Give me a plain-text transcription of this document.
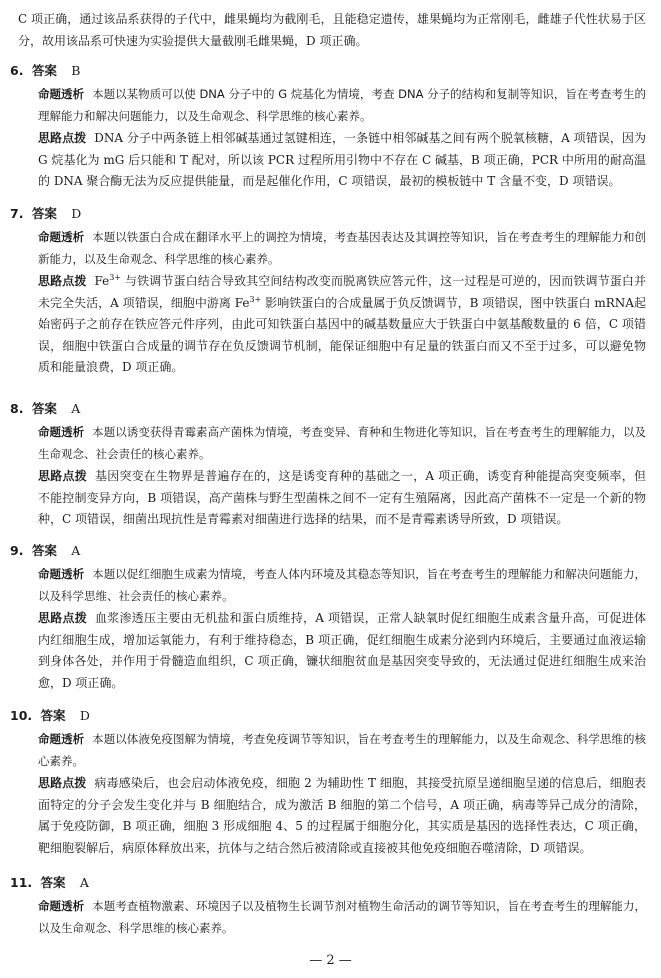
C 项正确，通过该品系获得的子代中，雌果蝇均为截刚毛，且能稳定遗传，雄果蝇均为正常刚毛，雌雄子代性状易于区分，故用该品系可快速为实验提供大量截刚毛雌果蝇，D 项正确。

6. 答案 B

命题透析 本题以某物质可以使 DNA 分子中的 G 烷基化为情境，考查 DNA 分子的结构和复制等知识，旨在考查考生的理解能力和解决问题能力，以及生命观念、科学思维的核心素养。

思路点拨 DNA 分子中两条链上相邻碱基通过氢键相连，一条链中相邻碱基之间有两个脱氧核糖，A 项错误，因为 G 烷基化为 mG 后只能和 T 配对，所以该 PCR 过程所用引物中不存在 C 碱基，B 项正确，PCR 中所用的耐高温的 DNA 聚合酶无法为反应提供能量，而是起催化作用，C 项错误，最初的模板链中 T 含量不变，D 项错误。

7. 答案 D

命题透析 本题以铁蛋白合成在翻译水平上的调控为情境，考查基因表达及其调控等知识，旨在考查考生的理解能力和创新能力，以及生命观念、科学思维的核心素养。

思路点拨 $Fe^{3+}$ 与铁调节蛋白结合导致其空间结构改变而脱离铁应答元件，这一过程是可逆的，因而铁调节蛋白并未完全失活，A 项错误，细胞中游离 $Fe^{3+}$ 影响铁蛋白的合成量属于负反馈调节，B 项错误，图中铁蛋白 mRNA起始密码子之前存在铁应答元件序列，由此可知铁蛋白基因中的碱基数量应大于铁蛋白中氨基酸数量的 6 倍，C 项错误，细胞中铁蛋白合成量的调节存在负反馈调节机制，能保证细胞中有足量的铁蛋白而又不至于过多，可以避免物质和能量浪费，D 项正确。

8. 答案 A

命题透析 本题以诱变获得青霉素高产菌株为情境，考查变异、育种和生物进化等知识，旨在考查考生的理解能力，以及生命观念、社会责任的核心素养。

思路点拨 基因突变在生物界是普遍存在的，这是诱变育种的基础之一，A 项正确，诱变育种能提高突变频率，但不能控制变异方向，B 项错误，高产菌株与野生型菌株之间不一定有生殖隔离，因此高产菌株不一定是一个新的物种，C 项错误，细菌出现抗性是青霉素对细菌进行选择的结果，而不是青霉素诱导所致，D 项错误。

9. 答案 A

命题透析 本题以促红细胞生成素为情境，考查人体内环境及其稳态等知识，旨在考查考生的理解能力和解决问题能力，以及科学思维、社会责任的核心素养。

思路点拨 血浆渗透压主要由无机盐和蛋白质维持，A 项错误，正常人缺氧时促红细胞生成素含量升高，可促进体内红细胞生成，增加运氧能力，有利于维持稳态，B 项正确，促红细胞生成素分泌到内环境后，主要通过血液运输到身体各处，并作用于骨髓造血组织，C 项正确，镰状细胞贫血是基因突变导致的，无法通过促进红细胞生成来治愈，D 项正确。

10. 答案 D

命题透析 本题以体液免疫图解为情境，考查免疫调节等知识，旨在考查考生的理解能力，以及生命观念、科学思维的核心素养。

思路点拨 病毒感染后，也会启动体液免疫，细胞 2 为辅助性 T 细胞，其接受抗原呈递细胞呈递的信息后，细胞表面特定的分子会发生变化并与 B 细胞结合，成为激活 B 细胞的第二个信号，A 项正确，病毒等异己成分的清除，属于免疫防御，B 项正确，细胞 3 形成细胞 4、5 的过程属于细胞分化，其实质是基因的选择性表达，C 项正确，靶细胞裂解后，病原体释放出来，抗体与之结合然后被清除或直接被其他免疫细胞吞噬清除，D 项错误。

11. 答案 A

命题透析 本题考查植物激素、环境因子以及植物生长调节剂对植物生命活动的调节等知识，旨在考查考生的理解能力，以及生命观念、科学思维的核心素养。

— 2 —
